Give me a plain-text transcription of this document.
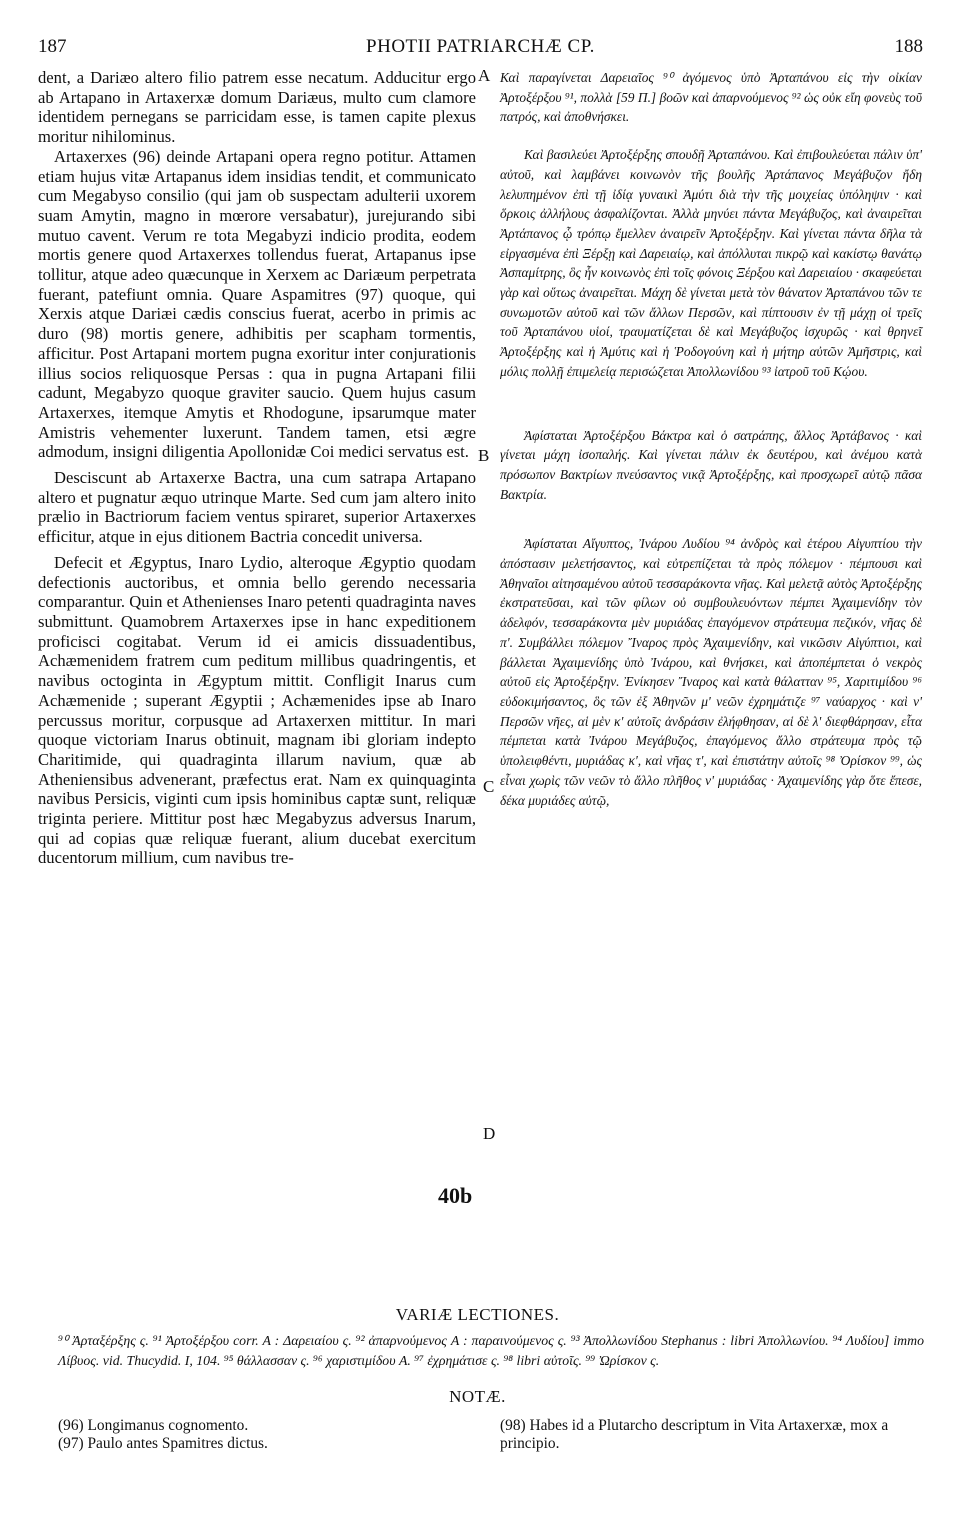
187	PHOTII PATRIARCHÆ CP.	188

dent, a Dariæo altero filio patrem esse necatum. Adducitur ergo ab Artapano in Artaxerxæ domum Dariæus, multo cum clamore identidem pernegans se parricidam esse, is tamen capite plexus moritur nihilominus.

Artaxerxes (96) deinde Artapani opera regno potitur. Attamen etiam hujus vitæ Artapanus idem insidias tendit, et communicato cum Megabyso consilio (qui jam ob suspectam adulterii uxorem suam Amytin, magno in mœrore versabatur), jurejurando sibi mutuo cavent. Verum re tota Megabyzi indicio prodita, eodem mortis genere quod Artaxerxes tollendus fuerat, Artapanus ipse tollitur, atque adeo quæcunque in Xerxem ac Dariæum perpetrata fuerant, patefiunt omnia. Quare Aspamitres (97) quoque, qui Xerxis atque Dariæi cædis conscius fuerat, acerbo in primis ac duro (98) mortis genere, adhibitis per scapham tormentis, afficitur. Post Artapani mortem pugna exoritur inter conjurationis illius socios reliquosque Persas : qua in pugna Artapani filii cadunt, Megabyzo quoque graviter saucio. Quem hujus casum Artaxerxes, itemque Amytis et Rhodogune, ipsarumque mater Amistris vehementer luxerunt. Tandem tamen, etsi ægre admodum, insigni diligentia Apollonidæ Coi medici servatus est.

Desciscunt ab Artaxerxe Bactra, una cum satrapa Artapano altero et pugnatur æquo utrinque Marte. Sed cum jam altero inito prælio in Bactriorum faciem ventus spiraret, superior Artaxerxes efficitur, atque in ejus ditionem Bactria concedit universa.

Defecit et Ægyptus, Inaro Lydio, alteroque Ægyptio quodam defectionis auctoribus, et omnia bello gerendo necessaria comparantur. Quin et Athenienses Inaro petenti quadraginta naves submittunt. Quamobrem Artaxerxes ipse in hanc expeditionem proficisci cogitabat. Verum id ei amicis dissuadentibus, Achæmenidem fratrem cum peditum millibus quadringentis, et navibus octoginta in Ægyptum mittit. Confligit Inarus cum Achæmenide ; superant Ægyptii ; Achæmenides ipse ab Inaro percussus moritur, corpusque ad Artaxerxen mittitur. In mari quoque victoriam Inarus obtinuit, magnam ibi gloriam indepto Charitimide, qui quadraginta illarum navium, quæ ab Atheniensibus advenerant, præfectus erat. Nam ex quinquaginta navibus Persicis, viginti cum ipsis hominibus captæ sunt, reliquæ triginta periere. Mittitur post hæc Megabyzus adversus Inarum, qui ad copias quæ reliquæ fuerant, alium ducebat exercitum ducentorum millium, cum navibus tre-

Καὶ παραγίνεται Δαρειαῖος ⁹⁰ ἀγόμενος ὑπὸ Ἀρταπάνου εἰς τὴν οἰκίαν Ἀρτοξέρξου ⁹¹, πολλὰ [59 Π.] βοῶν καὶ ἀπαρνούμενος ⁹² ὡς οὐκ εἴη φονεὺς τοῦ πατρός, καὶ ἀποθνήσκει.

Καὶ βασιλεύει Ἀρτοξέρξης σπουδῇ Ἀρταπάνου. Καὶ ἐπιβουλεύεται πάλιν ὑπ' αὐτοῦ, καὶ λαμβάνει κοινωνὸν τῆς βουλῆς Ἀρτάπανος Μεγάβυζον ἤδη λελυπημένον ἐπὶ τῇ ἰδίᾳ γυναικὶ Ἀμύτι διὰ τὴν τῆς μοιχείας ὑπόληψιν · καὶ ὅρκοις ἀλλήλους ἀσφαλίζονται. Ἀλλὰ μηνύει πάντα Μεγάβυζος, καὶ ἀναιρεῖται Ἀρτάπανος ᾧ τρόπῳ ἔμελλεν ἀναιρεῖν Ἀρτοξέρξην. Καὶ γίνεται πάντα δῆλα τὰ εἰργασμένα ἐπὶ Ξέρξῃ καὶ Δαρειαίῳ, καὶ ἀπόλλυται πικρῷ καὶ κακίστῳ θανάτῳ Ἀσπαμίτρης, ὃς ἦν κοινωνὸς ἐπὶ τοῖς φόνοις Ξέρξου καὶ Δαρειαίου · σκαφεύεται γὰρ καὶ οὕτως ἀναιρεῖται. Μάχη δὲ γίνεται μετὰ τὸν θάνατον Ἀρταπάνου τῶν τε συνωμοτῶν αὐτοῦ καὶ τῶν ἄλλων Περσῶν, καὶ πίπτουσιν ἐν τῇ μάχῃ οἱ τρεῖς τοῦ Ἀρταπάνου υἱοί, τραυματίζεται δὲ καὶ Μεγάβυζος ἰσχυρῶς · καὶ θρηνεῖ Ἀρτοξέρξης καὶ ἡ Ἀμύτις καὶ ἡ Ῥοδογούνη καὶ ἡ μήτηρ αὐτῶν Ἀμῆστρις, καὶ μόλις πολλῇ ἐπιμελείᾳ περισώζεται Ἀπολλωνίδου ⁹³ ἰατροῦ τοῦ Κῴου.

Ἀφίσταται Ἀρτοξέρξου Βάκτρα καὶ ὁ σατράπης, ἄλλος Ἀρτάβανος · καὶ γίνεται μάχη ἰσοπαλής. Καὶ γίνεται πάλιν ἐκ δευτέρου, καὶ ἀνέμου κατὰ πρόσωπον Βακτρίων πνεύσαντος νικᾷ Ἀρτοξέρξης, καὶ προσχωρεῖ αὐτῷ πᾶσα Βακτρία.

Ἀφίσταται Αἴγυπτος, Ἰνάρου Λυδίου ⁹⁴ ἀνδρὸς καὶ ἑτέρου Αἰγυπτίου τὴν ἀπόστασιν μελετήσαντος, καὶ εὐτρεπίζεται τὰ πρὸς πόλεμον · πέμπουσι καὶ Ἀθηναῖοι αἰτησαμένου αὐτοῦ τεσσαράκοντα νῆας. Καὶ μελετᾷ αὐτὸς Ἀρτοξέρξης ἐκστρατεῦσαι, καὶ τῶν φίλων οὐ συμβουλευόντων πέμπει Ἀχαιμενίδην τὸν ἀδελφόν, τεσσαράκοντα μὲν μυριάδας ἐπαγόμενον στράτευμα πεζικόν, νῆας δὲ π'. Συμβάλλει πόλεμον Ἴναρος πρὸς Ἀχαιμενίδην, καὶ νικῶσιν Αἰγύπτιοι, καὶ βάλλεται Ἀχαιμενίδης ὑπὸ Ἰνάρου, καὶ θνήσκει, καὶ ἀποπέμπεται ὁ νεκρὸς αὐτοῦ εἰς Ἀρτοξέρξην. Ἐνίκησεν Ἴναρος καὶ κατὰ θάλατταν ⁹⁵, Χαριτιμίδου ⁹⁶ εὐδοκιμήσαντος, ὃς τῶν ἐξ Ἀθηνῶν μ' νεῶν ἐχρημάτιζε ⁹⁷ ναύαρχος · καὶ ν' Περσῶν νῆες, αἱ μὲν κ' αὐτοῖς ἀνδράσιν ἐλήφθησαν, αἱ δὲ λ' διεφθάρησαν, εἶτα πέμπεται κατὰ Ἰνάρου Μεγάβυζος, ἐπαγόμενος ἄλλο στράτευμα πρὸς τῷ ὑπολειφθέντι, μυριάδας κ', καὶ νῆας τ', καὶ ἐπιστάτην αὐτοῖς ⁹⁸ Ὀρίσκον ⁹⁹, ὡς εἶναι χωρὶς τῶν νεῶν τὸ ἄλλο πλῆθος ν' μυριάδας · Ἀχαιμενίδης γὰρ ὅτε ἔπεσε, δέκα μυριάδες αὐτῷ,

A
B
C
D
40b
VARIÆ LECTIONES.
⁹⁰ Ἀρταξέρξης ς. ⁹¹ Ἀρτοξέρξου corr. A : Δαρειαίου ς. ⁹² ἀπαρνούμενος A : παραινούμενος ς. ⁹³ Ἀπολλωνίδου Stephanus : libri Ἀπολλωνίου. ⁹⁴ Λυδίου] immo Λίβυος. vid. Thucydid. I, 104. ⁹⁵ θάλλασσαν ς. ⁹⁶ χαριστιμίδου A. ⁹⁷ ἐχρημάτισε ς. ⁹⁸ libri αὐτοῖς. ⁹⁹ Ὠρίσκον ς.
NOTÆ.
(96) Longimanus cognomento.
(97) Paulo antes Spamitres dictus.
(98) Habes id a Plutarcho descriptum in Vita Artaxerxæ, mox a principio.
